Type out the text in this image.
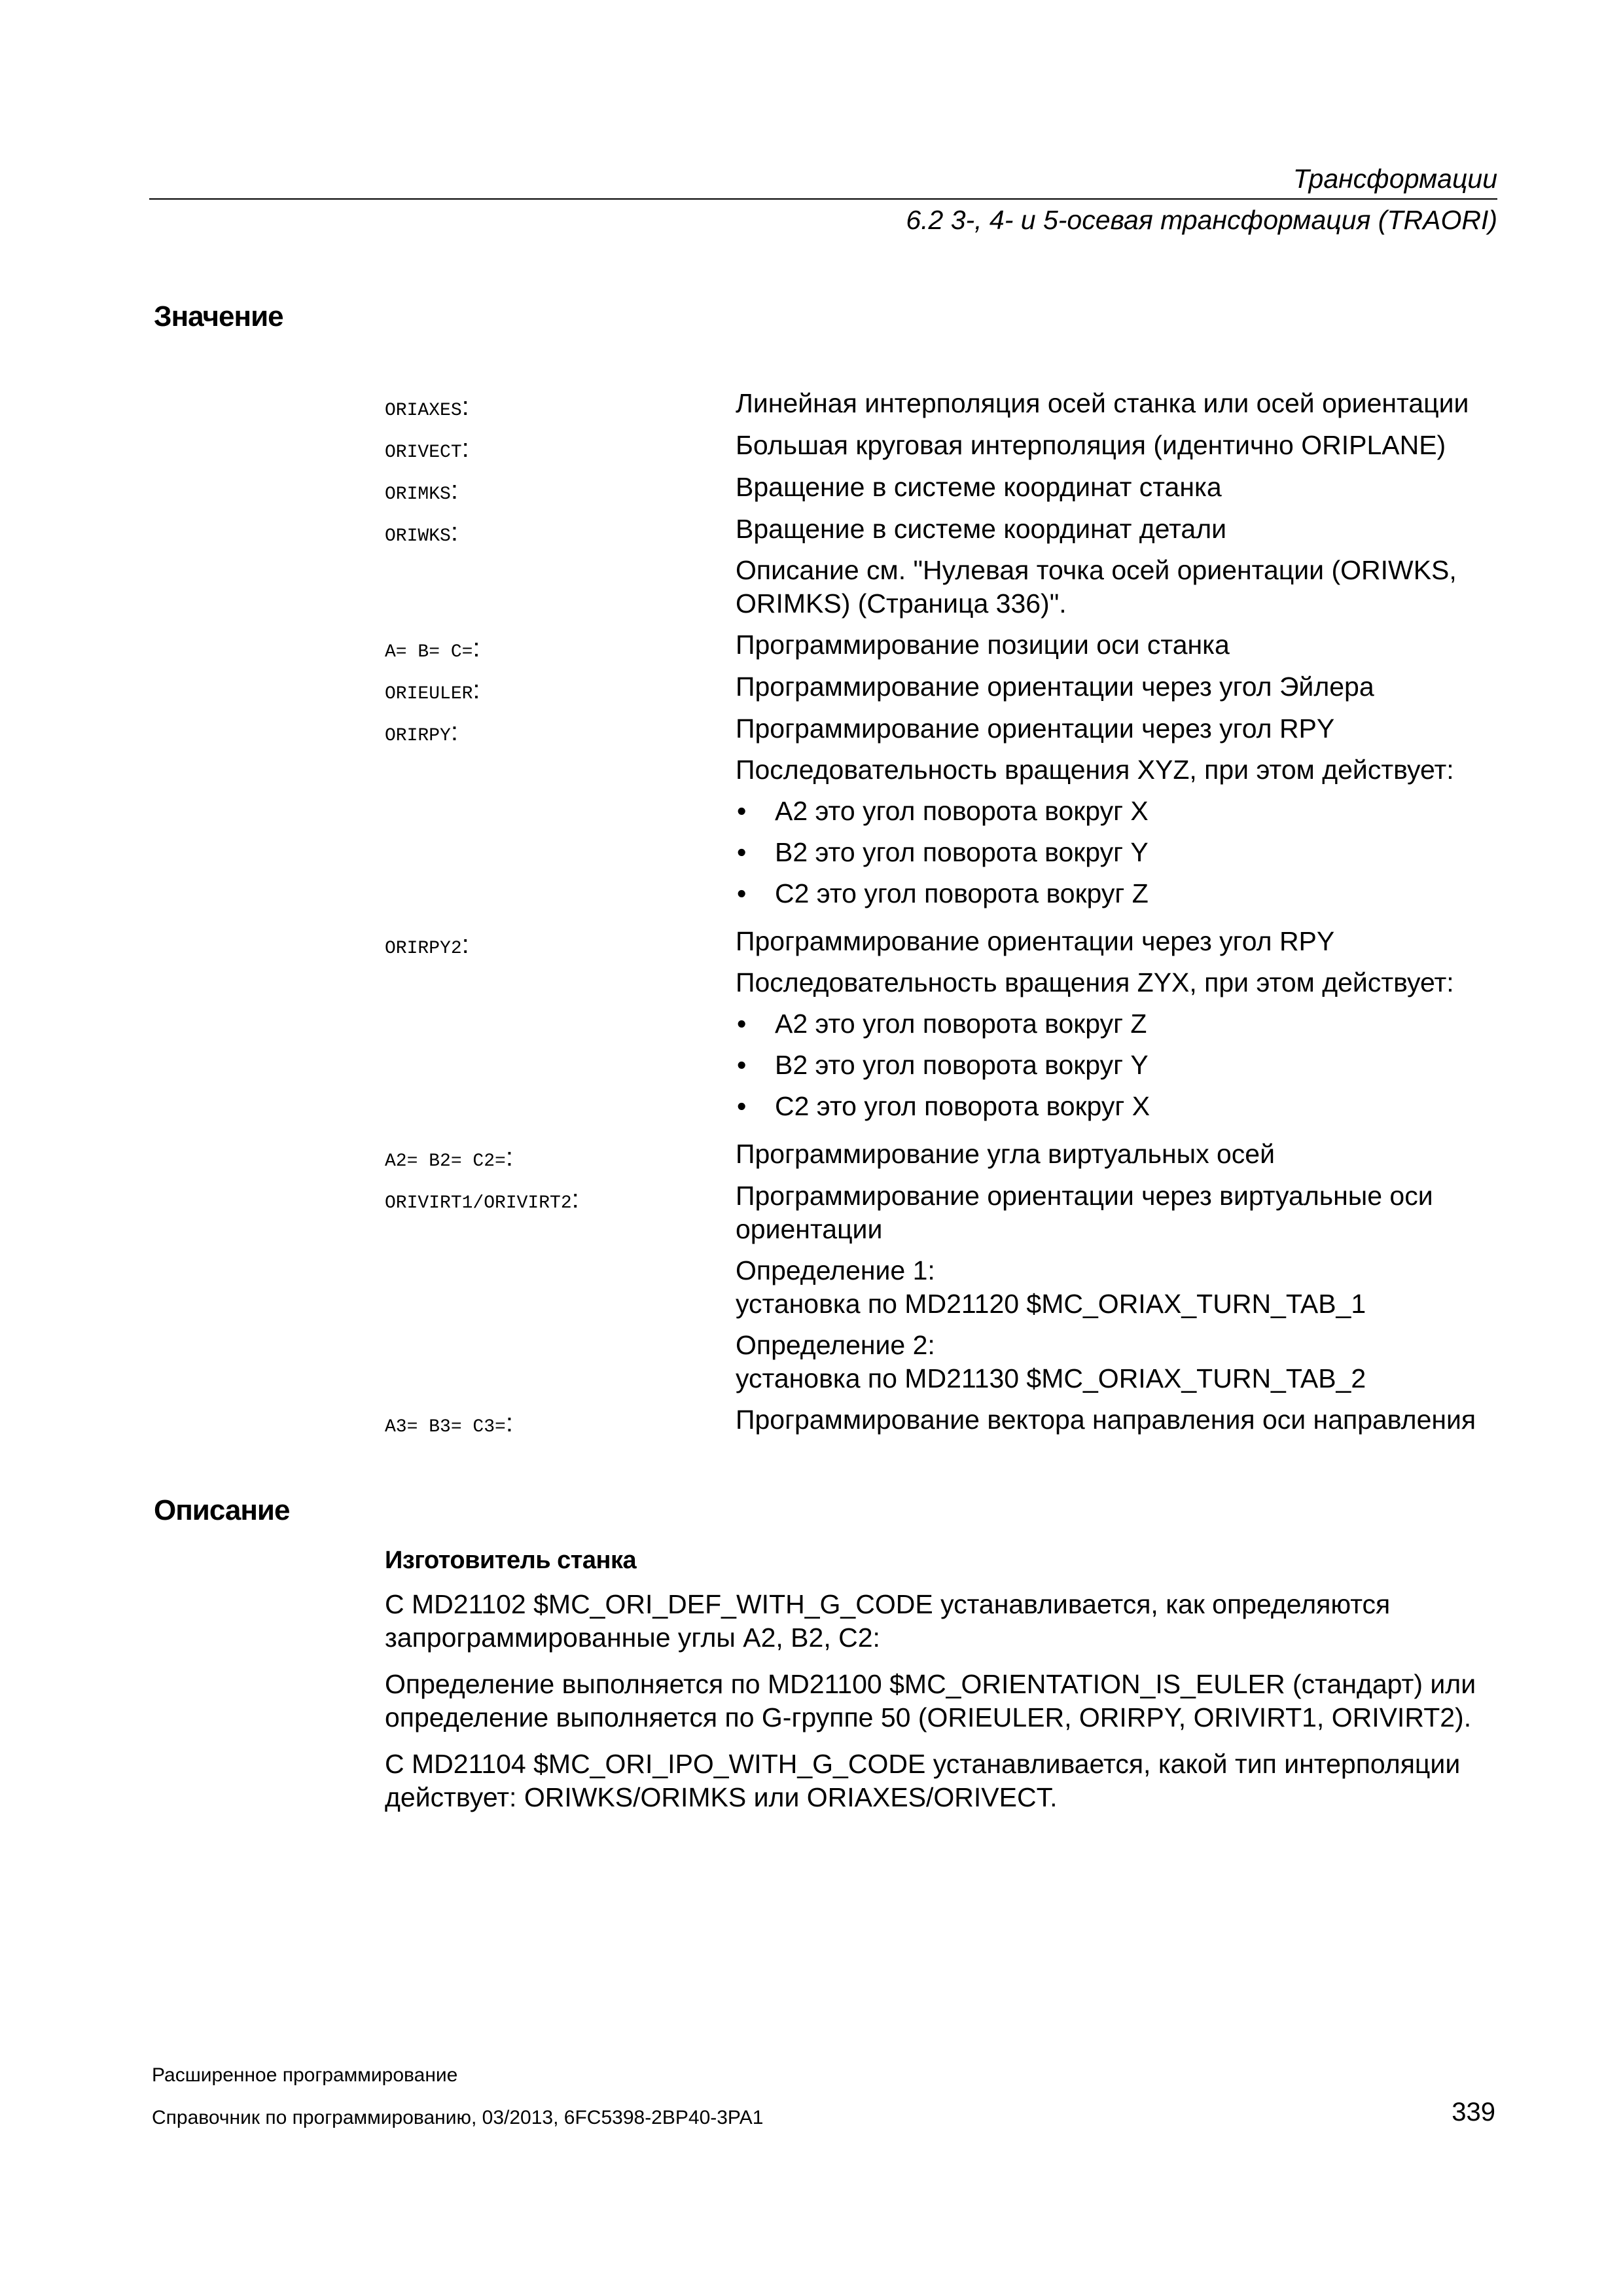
Трансформации
6.2 3-, 4- и 5-осевая трансформация (TRAORI)
Значение
ORIAXES:	Линейная интерполяция осей станка или осей ориентации
ORIVECT:	Большая круговая интерполяция (идентично ORIPLANE)
ORIMKS:	Вращение в системе координат станка
ORIWKS:	Вращение в системе координат детали
Описание см. "Нулевая точка осей ориентации (ORIWKS, ORIMKS) (Страница 336)".
A= B= C=:	Программирование позиции оси станка
ORIEULER:	Программирование ориентации через угол Эйлера
ORIRPY:	Программирование ориентации через угол RPY
Последовательность вращения XYZ, при этом действует:
•	A2 это угол поворота вокруг X
•	B2 это угол поворота вокруг Y
•	C2 это угол поворота вокруг Z
ORIRPY2:	Программирование ориентации через угол RPY
Последовательность вращения ZYX, при этом действует:
•	A2 это угол поворота вокруг Z
•	B2 это угол поворота вокруг Y
•	C2 это угол поворота вокруг X
A2= B2= C2=:	Программирование угла виртуальных осей
ORIVIRT1/ORIVIRT2:	Программирование ориентации через виртуальные оси ориентации
Определение 1:
установка по MD21120 $MC_ORIAX_TURN_TAB_1
Определение 2:
установка по MD21130 $MC_ORIAX_TURN_TAB_2
A3= B3= C3=:	Программирование вектора направления оси направления
Описание
Изготовитель станка
С MD21102 $MC_ORI_DEF_WITH_G_CODE устанавливается, как определяются запрограммированные углы A2, B2, C2:
Определение выполняется по MD21100 $MC_ORIENTATION_IS_EULER (стандарт) или определение выполняется по G-группе 50 (ORIEULER, ORIRPY, ORIVIRT1, ORIVIRT2).
С MD21104 $MC_ORI_IPO_WITH_G_CODE устанавливается, какой тип интерполяции действует: ORIWKS/ORIMKS или ORIAXES/ORIVECT.
Расширенное программирование
Справочник по программированию, 03/2013, 6FC5398-2BP40-3PA1	339
